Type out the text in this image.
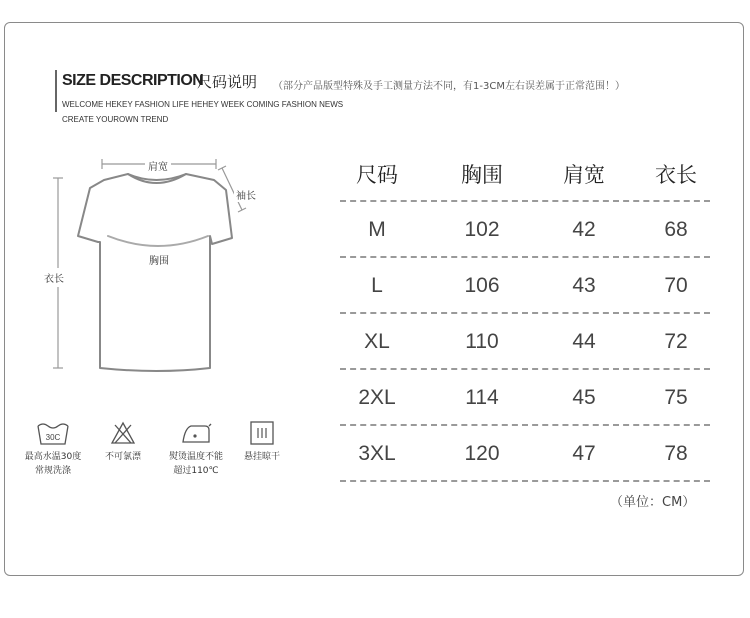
SIZE DESCRIPTION
尺码说明 （部分产品版型特殊及手工测量方法不同，有1-3CM左右误差属于正常范围！）
WELCOME HEKEY FASHION LIFE HEHEY WEEK COMING FASHION NEWS
CREATE YOUROWN TREND
肩宽
袖长
胸围
衣长
30C
最高水温30度
常规洗涤
不可氯漂	熨烫温度不能
超过110℃
悬挂晾干
尺码	胸围	肩宽	衣长
M	102	42	68
L	106	43	70
XL	110	44	72
2XL	114	45	75
3XL	120	47	78
（单位：CM）
